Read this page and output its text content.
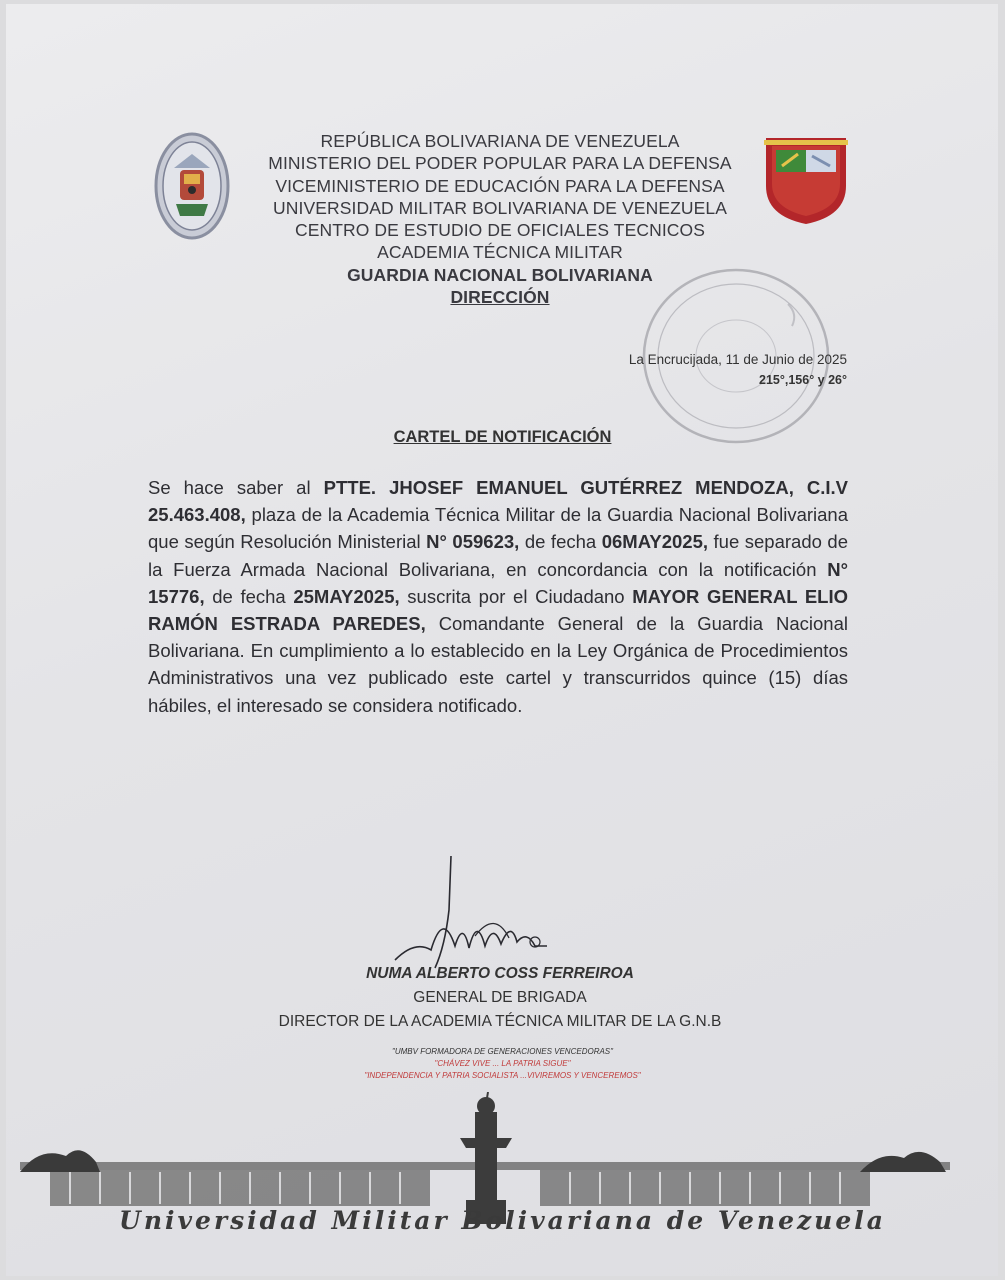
REPÚBLICA BOLIVARIANA DE VENEZUELA
MINISTERIO DEL PODER POPULAR PARA LA DEFENSA
VICEMINISTERIO DE EDUCACIÓN PARA LA DEFENSA
UNIVERSIDAD MILITAR BOLIVARIANA DE VENEZUELA
CENTRO DE ESTUDIO DE OFICIALES TECNICOS
ACADEMIA TÉCNICA MILITAR
GUARDIA NACIONAL BOLIVARIANA
DIRECCIÓN
La Encrucijada, 11 de Junio de 2025
215°,156° y 26°
CARTEL DE NOTIFICACIÓN
Se hace saber al PTTE. JHOSEF EMANUEL GUTÉRREZ MENDOZA, C.I.V 25.463.408, plaza de la Academia Técnica Militar de la Guardia Nacional Bolivariana que según Resolución Ministerial N° 059623, de fecha 06MAY2025, fue separado de la Fuerza Armada Nacional Bolivariana, en concordancia con la notificación N° 15776, de fecha 25MAY2025, suscrita por el Ciudadano MAYOR GENERAL ELIO RAMÓN ESTRADA PAREDES, Comandante General de la Guardia Nacional Bolivariana. En cumplimiento a lo establecido en la Ley Orgánica de Procedimientos Administrativos una vez publicado este cartel y transcurridos quince (15) días hábiles, el interesado se considera notificado.
NUMA ALBERTO COSS FERREIROA
GENERAL DE BRIGADA
DIRECTOR DE LA ACADEMIA TÉCNICA MILITAR DE LA G.N.B
"UMBV FORMADORA DE GENERACIONES VENCEDORAS"
"CHÁVEZ VIVE ... LA PATRIA SIGUE"
"INDEPENDENCIA Y PATRIA SOCIALISTA ...VIVIREMOS Y VENCEREMOS"
Universidad Militar Bolivariana de Venezuela
